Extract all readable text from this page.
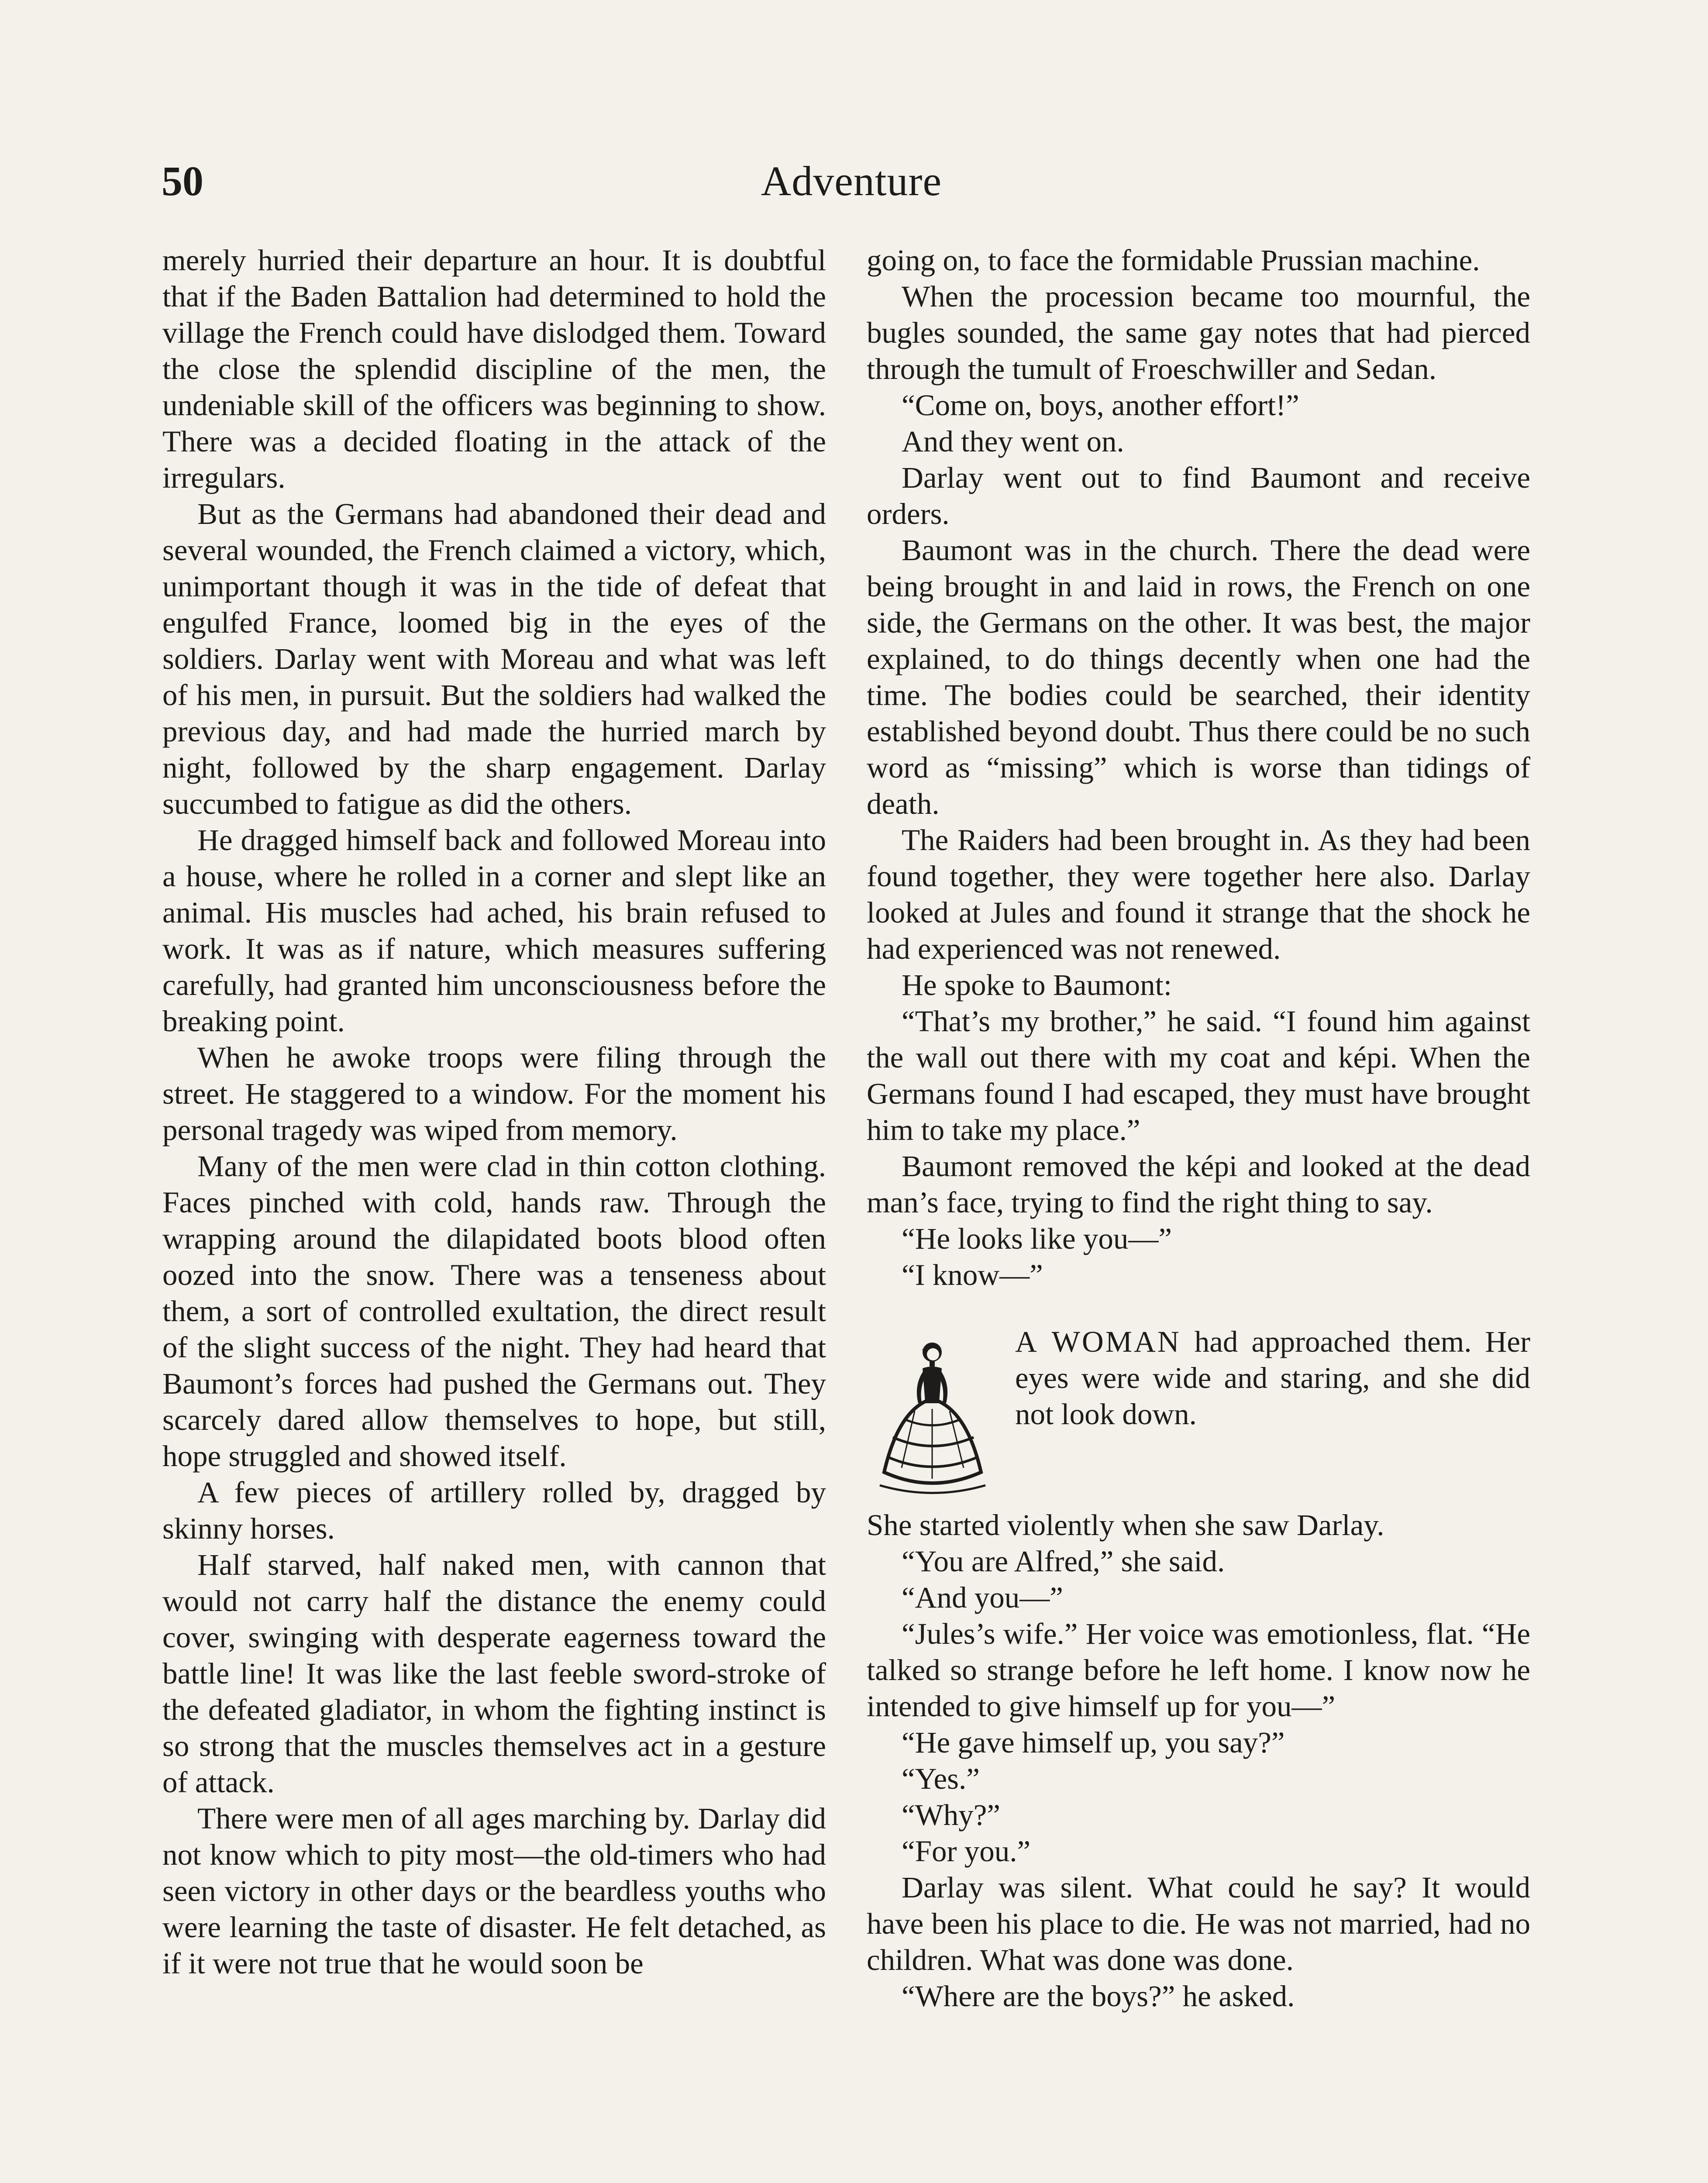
50	Adventure

merely hurried their departure an hour. It is doubtful that if the Baden Battalion had determined to hold the village the French could have dislodged them. Toward the close the splendid discipline of the men, the undeniable skill of the officers was beginning to show. There was a decided floating in the attack of the irregulars.

But as the Germans had abandoned their dead and several wounded, the French claimed a victory, which, unimportant though it was in the tide of defeat that engulfed France, loomed big in the eyes of the soldiers. Darlay went with Moreau and what was left of his men, in pursuit. But the soldiers had walked the previous day, and had made the hurried march by night, followed by the sharp engagement. Darlay succumbed to fatigue as did the others.

He dragged himself back and followed Moreau into a house, where he rolled in a corner and slept like an animal. His muscles had ached, his brain refused to work. It was as if nature, which measures suffering carefully, had granted him unconsciousness before the breaking point.

When he awoke troops were filing through the street. He staggered to a window. For the moment his personal tragedy was wiped from memory.

Many of the men were clad in thin cotton clothing. Faces pinched with cold, hands raw. Through the wrapping around the dilapidated boots blood often oozed into the snow. There was a tenseness about them, a sort of controlled exultation, the direct result of the slight success of the night. They had heard that Baumont’s forces had pushed the Germans out. They scarcely dared allow themselves to hope, but still, hope struggled and showed itself.

A few pieces of artillery rolled by, dragged by skinny horses.

Half starved, half naked men, with cannon that would not carry half the distance the enemy could cover, swinging with desperate eagerness toward the battle line! It was like the last feeble sword-stroke of the defeated gladiator, in whom the fighting instinct is so strong that the muscles themselves act in a gesture of attack.

There were men of all ages marching by. Darlay did not know which to pity most—the old-timers who had seen victory in other days or the beardless youths who were learning the taste of disaster. He felt detached, as if it were not true that he would soon be

going on, to face the formidable Prussian machine.

When the procession became too mournful, the bugles sounded, the same gay notes that had pierced through the tumult of Froeschwiller and Sedan.

“Come on, boys, another effort!”

And they went on.

Darlay went out to find Baumont and receive orders.

Baumont was in the church. There the dead were being brought in and laid in rows, the French on one side, the Germans on the other. It was best, the major explained, to do things decently when one had the time. The bodies could be searched, their identity established beyond doubt. Thus there could be no such word as “missing” which is worse than tidings of death.

The Raiders had been brought in. As they had been found together, they were together here also. Darlay looked at Jules and found it strange that the shock he had experienced was not renewed.

He spoke to Baumont:

“That’s my brother,” he said. “I found him against the wall out there with my coat and képi. When the Germans found I had escaped, they must have brought him to take my place.”

Baumont removed the képi and looked at the dead man’s face, trying to find the right thing to say.

“He looks like you—”

“I know—”

A WOMAN had approached them. Her eyes were wide and staring, and she did not look down.

She started violently when she saw Darlay.

“You are Alfred,” she said.

“And you—”

“Jules’s wife.” Her voice was emotionless, flat. “He talked so strange before he left home. I know now he intended to give himself up for you—”

“He gave himself up, you say?”

“Yes.”

“Why?”

“For you.”

Darlay was silent. What could he say? It would have been his place to die. He was not married, had no children. What was done was done.

“Where are the boys?” he asked.
